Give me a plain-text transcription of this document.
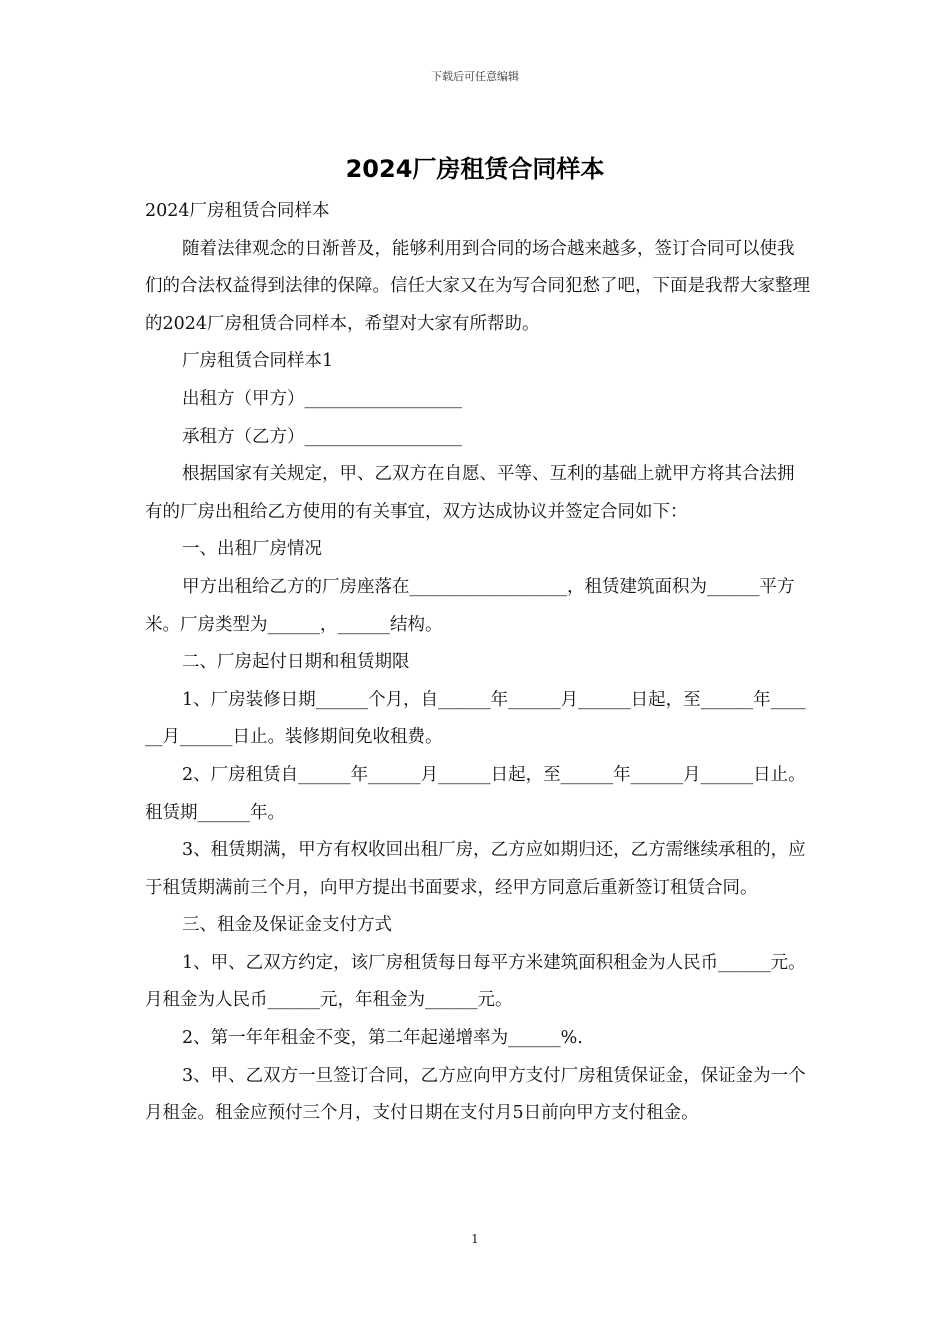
下载后可任意编辑
2024厂房租赁合同样本

2024厂房租赁合同样本

随着法律观念的日渐普及，能够利用到合同的场合越来越多，签订合同可以使我们的合法权益得到法律的保障。信任大家又在为写合同犯愁了吧，下面是我帮大家整理的2024厂房租赁合同样本，希望对大家有所帮助。

厂房租赁合同样本1

出租方（甲方）__________________

承租方（乙方）__________________

根据国家有关规定，甲、乙双方在自愿、平等、互利的基础上就甲方将其合法拥有的厂房出租给乙方使用的有关事宜，双方达成协议并签定合同如下：

一、出租厂房情况

甲方出租给乙方的厂房座落在__________________，租赁建筑面积为______平方米。厂房类型为______，______结构。

二、厂房起付日期和租赁期限

1、厂房装修日期______个月，自______年______月______日起，至______年______月______日止。装修期间免收租费。

2、厂房租赁自______年______月______日起，至______年______月______日止。租赁期______年。

3、租赁期满，甲方有权收回出租厂房，乙方应如期归还，乙方需继续承租的，应于租赁期满前三个月，向甲方提出书面要求，经甲方同意后重新签订租赁合同。

三、租金及保证金支付方式

1、甲、乙双方约定，该厂房租赁每日每平方米建筑面积租金为人民币______元。月租金为人民币______元，年租金为______元。

2、第一年年租金不变，第二年起递增率为______%.

3、甲、乙双方一旦签订合同，乙方应向甲方支付厂房租赁保证金，保证金为一个月租金。租金应预付三个月，支付日期在支付月5日前向甲方支付租金。

1
